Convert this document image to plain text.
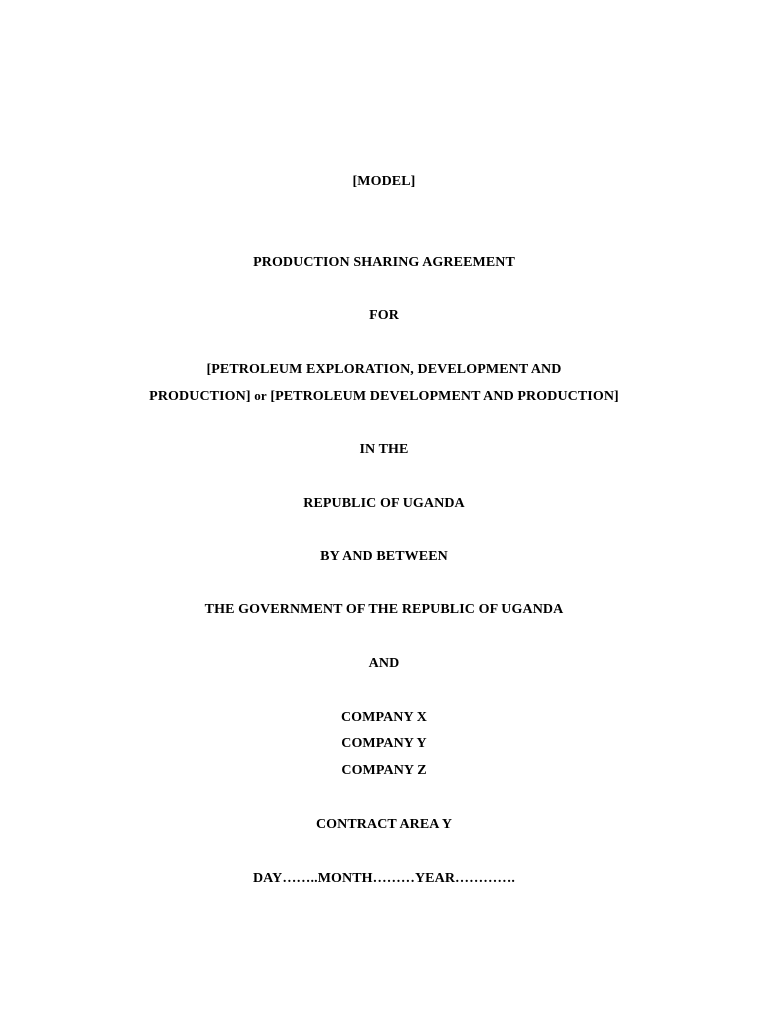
[MODEL]
PRODUCTION SHARING AGREEMENT
FOR
[PETROLEUM EXPLORATION, DEVELOPMENT AND
PRODUCTION] or [PETROLEUM DEVELOPMENT AND PRODUCTION]
IN THE
REPUBLIC OF UGANDA
BY AND BETWEEN
THE GOVERNMENT OF THE REPUBLIC OF UGANDA
AND
COMPANY X
COMPANY Y
COMPANY Z
CONTRACT AREA Y
DAY……..MONTH………YEAR………….
